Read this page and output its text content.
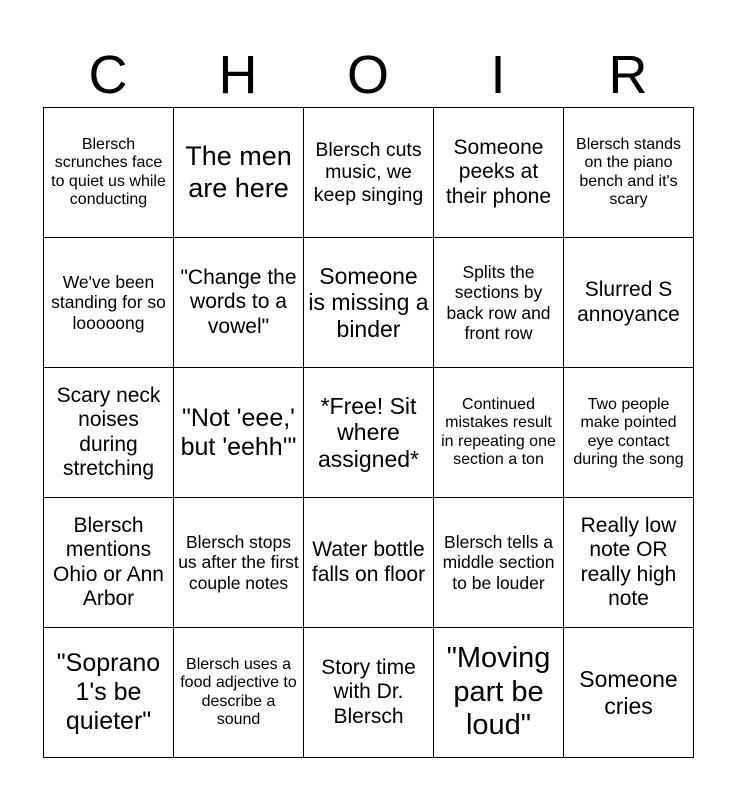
C	H	O	I	R
Blersch scrunches face to quiet us while conducting	The men are here	Blersch cuts music, we keep singing	Someone peeks at their phone	Blersch stands on the piano bench and it's scary
We've been standing for so looooong	"Change the words to a vowel"	Someone is missing a binder	Splits the sections by back row and front row	Slurred S annoyance
Scary neck noises during stretching	"Not 'eee,' but 'eehh'"	*Free! Sit where assigned*	Continued mistakes result in repeating one section a ton	Two people make pointed eye contact during the song
Blersch mentions Ohio or Ann Arbor	Blersch stops us after the first couple notes	Water bottle falls on floor	Blersch tells a middle section to be louder	Really low note OR really high note
"Soprano 1's be quieter"	Blersch uses a food adjective to describe a sound	Story time with Dr. Blersch	"Moving part be loud"	Someone cries
